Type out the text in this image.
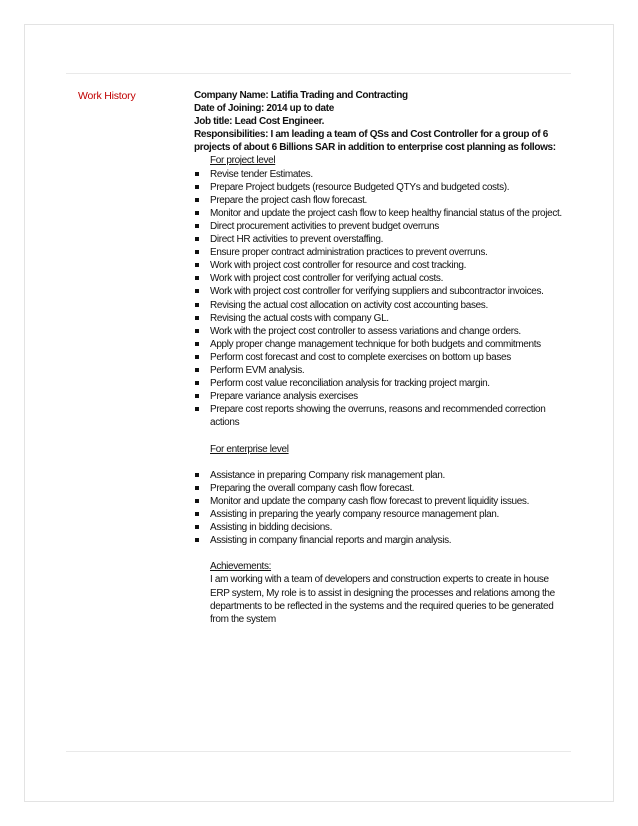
Work History	Company Name: Latifia Trading and Contracting

Date of Joining: 2014 up to date

Job title: Lead Cost Engineer.

Responsibilities: I am leading a team of QSs and Cost Controller for a group of 6 projects of about 6 Billions SAR in addition to enterprise cost planning as follows:

For project level

Revise tender Estimates.
Prepare Project budgets (resource Budgeted QTYs and budgeted costs).
Prepare the project cash flow forecast.
Monitor and update the project cash flow to keep healthy financial status of the project.
Direct procurement activities to prevent budget overruns
Direct HR activities to prevent overstaffing.
Ensure proper contract administration practices to prevent overruns.
Work with project cost controller for resource and cost tracking.
Work with project cost controller for verifying actual costs.
Work with project cost controller for verifying suppliers and subcontractor invoices.
Revising the actual cost allocation on activity cost accounting bases.
Revising the actual costs with company GL.
Work with the project cost controller to assess variations and change orders.
Apply proper change management technique for both budgets and commitments
Perform cost forecast and cost to complete exercises on bottom up bases
Perform EVM analysis.
Perform cost value reconciliation analysis for tracking project margin.
Prepare variance analysis exercises
Prepare cost reports showing the overruns, reasons and recommended correction actions

For enterprise level

Assistance in preparing Company risk management plan.
Preparing the overall company cash flow forecast.
Monitor and update the company cash flow forecast to prevent liquidity issues.
Assisting in preparing the yearly company resource management plan.
Assisting in bidding decisions.
Assisting in company financial reports and margin analysis.

Achievements:
I am working with a team of developers and construction experts to create in house ERP system, My role is to assist in designing the processes and relations among the departments to be reflected in the systems and the required queries to be generated from the system
